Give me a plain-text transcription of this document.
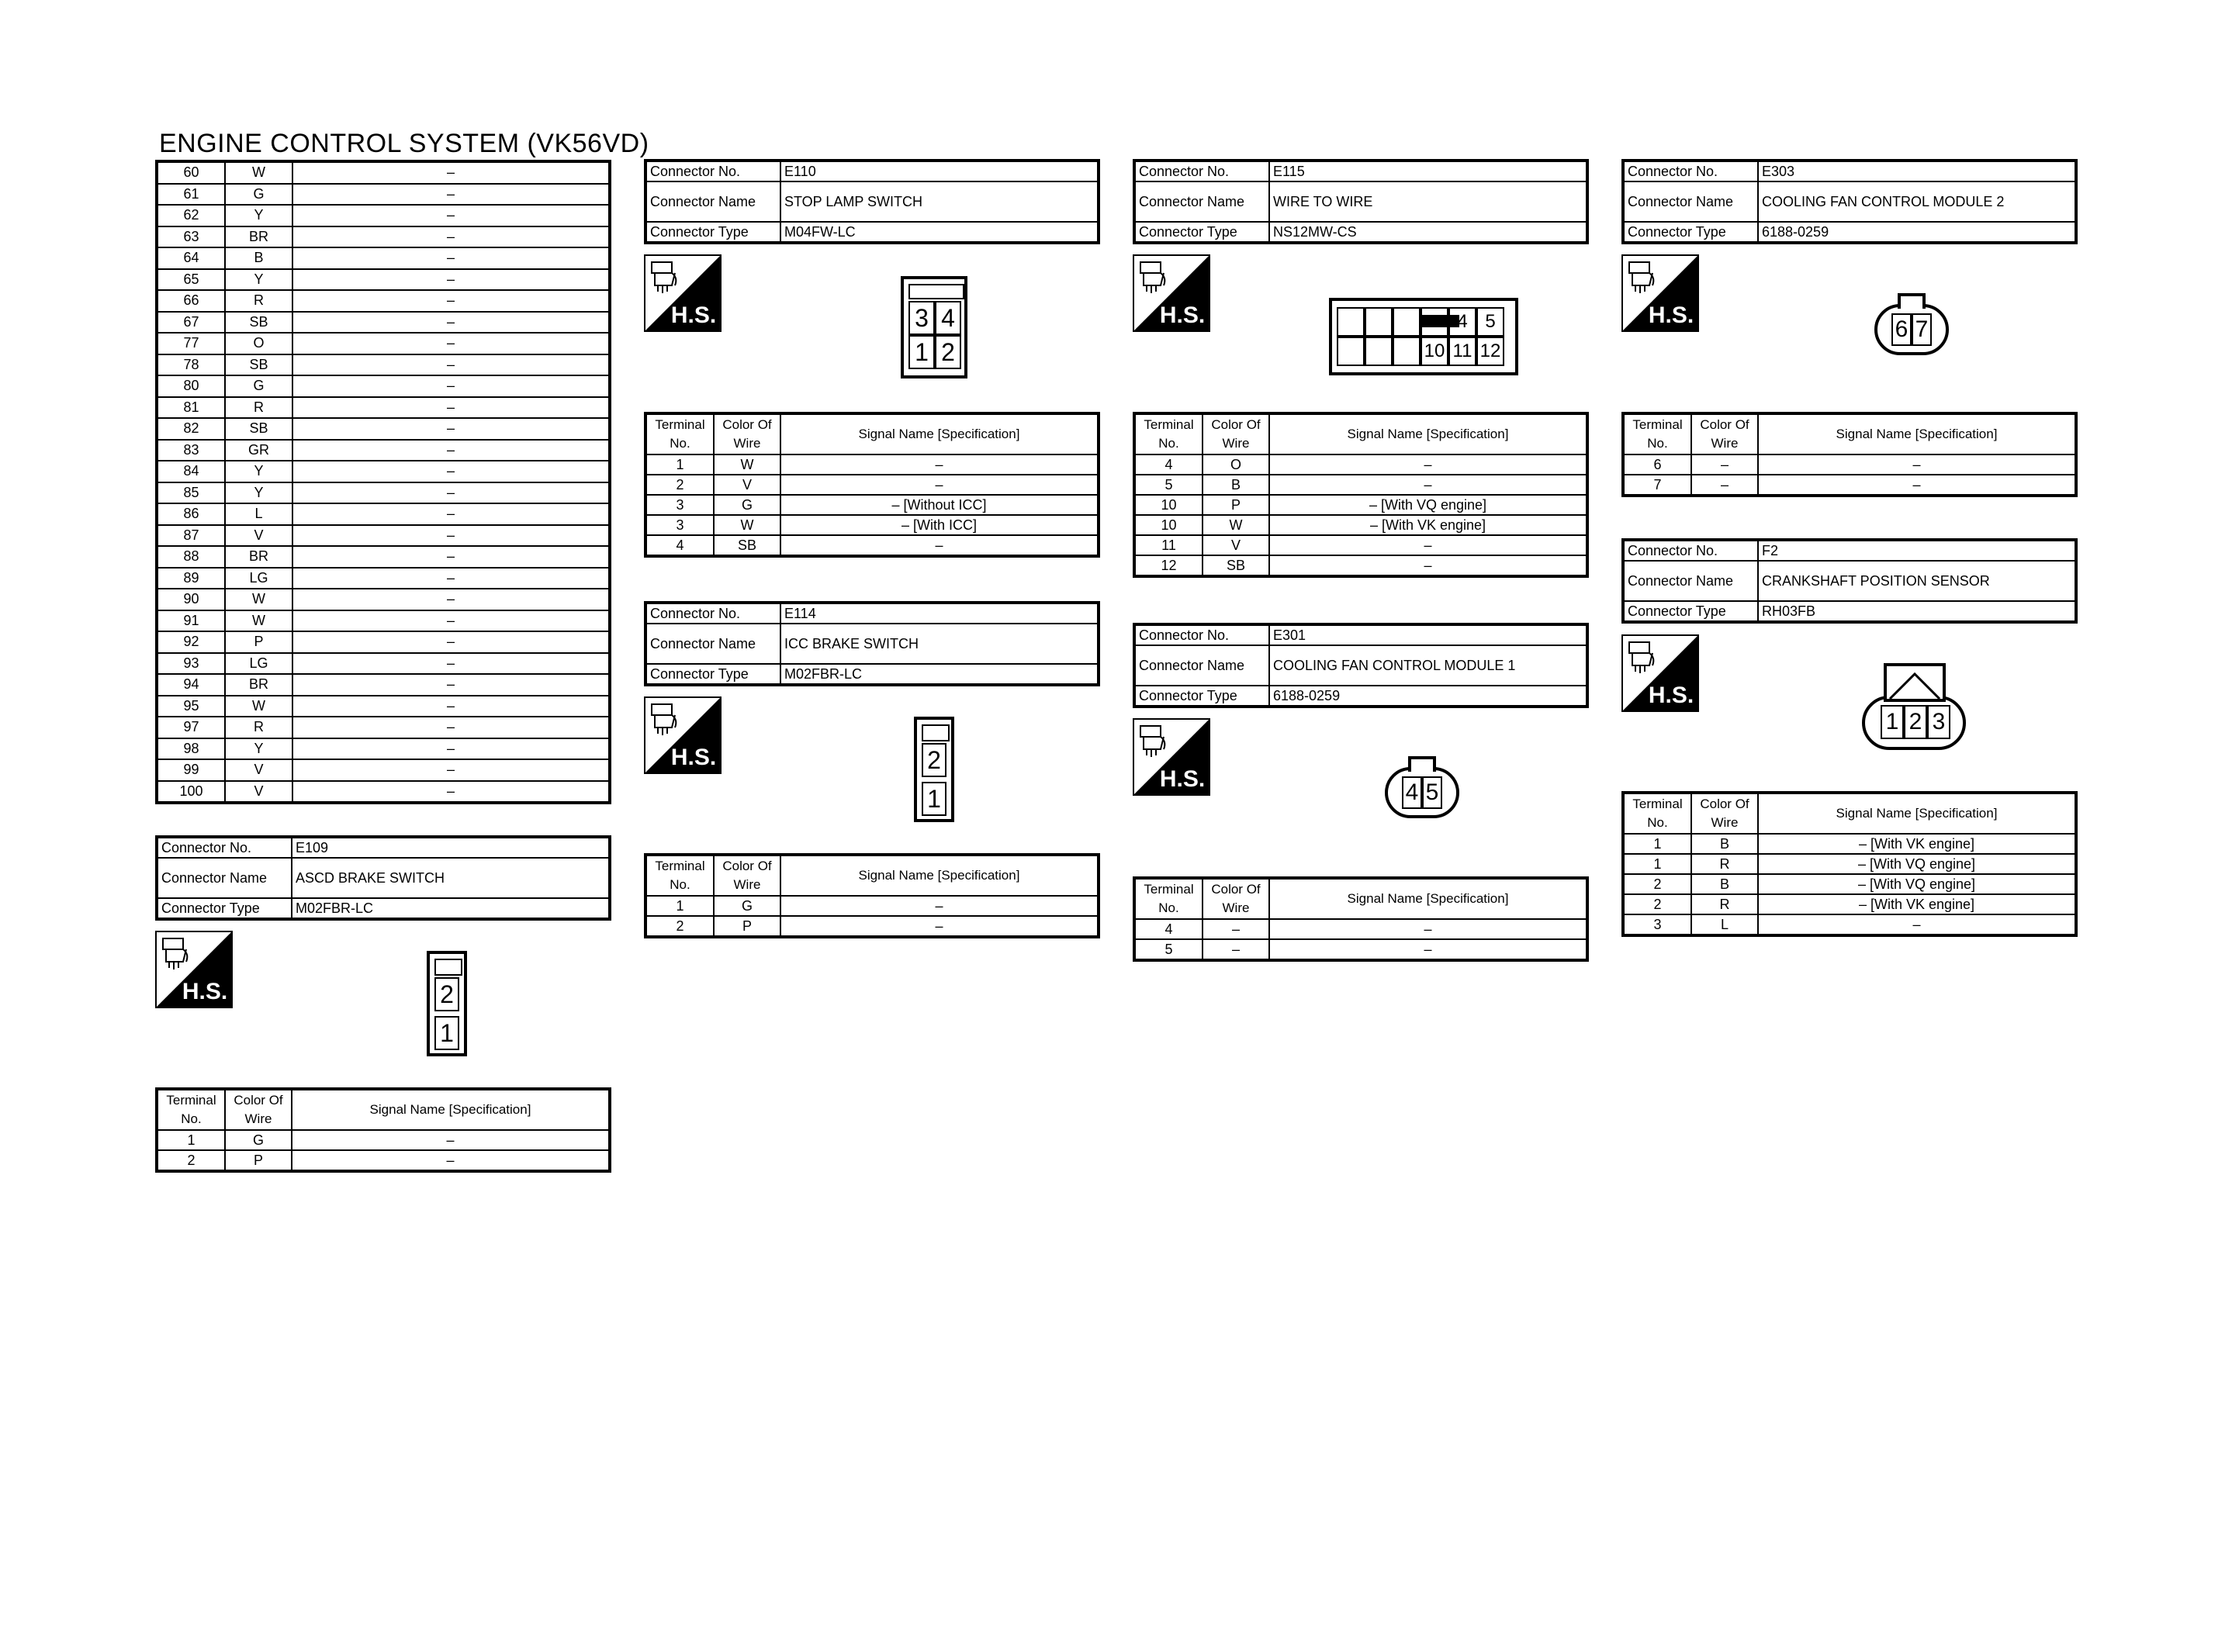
ENGINE CONTROL SYSTEM (VK56VD)
60	W	–
61	G	–
62	Y	–
63	BR	–
64	B	–
65	Y	–
66	R	–
67	SB	–
77	O	–
78	SB	–
80	G	–
81	R	–
82	SB	–
83	GR	–
84	Y	–
85	Y	–
86	L	–
87	V	–
88	BR	–
89	LG	–
90	W	–
91	W	–
92	P	–
93	LG	–
94	BR	–
95	W	–
97	R	–
98	Y	–
99	V	–
100	V	–
Connector No.	E109
Connector Name	ASCD BRAKE SWITCH
Connector Type	M02FBR-LC
H.S.	2
1
Terminal No.	Color Of Wire	Signal Name [Specification]
1	G	–
2	P	–
Connector No.	E110
Connector Name	STOP LAMP SWITCH
Connector Type	M04FW-LC
H.S.	3 4
1 2
Terminal No.	Color Of Wire	Signal Name [Specification]
1	W	–
2	V	–
3	G	– [Without ICC]
3	W	– [With ICC]
4	SB	–
Connector No.	E114
Connector Name	ICC BRAKE SWITCH
Connector Type	M02FBR-LC
H.S.	2
1
Terminal No.	Color Of Wire	Signal Name [Specification]
1	G	–
2	P	–
Connector No.	E115
Connector Name	WIRE TO WIRE
Connector Type	NS12MW-CS
H.S.	4 5
10 11 12
Terminal No.	Color Of Wire	Signal Name [Specification]
4	O	–
5	B	–
10	P	– [With VQ engine]
10	W	– [With VK engine]
11	V	–
12	SB	–
Connector No.	E301
Connector Name	COOLING FAN CONTROL MODULE 1
Connector Type	6188-0259
H.S.
4 5
Terminal No.	Color Of Wire	Signal Name [Specification]
4	–	–
5	–	–
Connector No.	E303
Connector Name	COOLING FAN CONTROL MODULE 2
Connector Type	6188-0259
H.S.
6 7
Terminal No.	Color Of Wire	Signal Name [Specification]
6	–	–
7	–	–
Connector No.	F2
Connector Name	CRANKSHAFT POSITION SENSOR
Connector Type	RH03FB
H.S.
1 2 3
Terminal No.	Color Of Wire	Signal Name [Specification]
1	B	– [With VK engine]
1	R	– [With VQ engine]
2	B	– [With VQ engine]
2	R	– [With VK engine]
3	L	–
